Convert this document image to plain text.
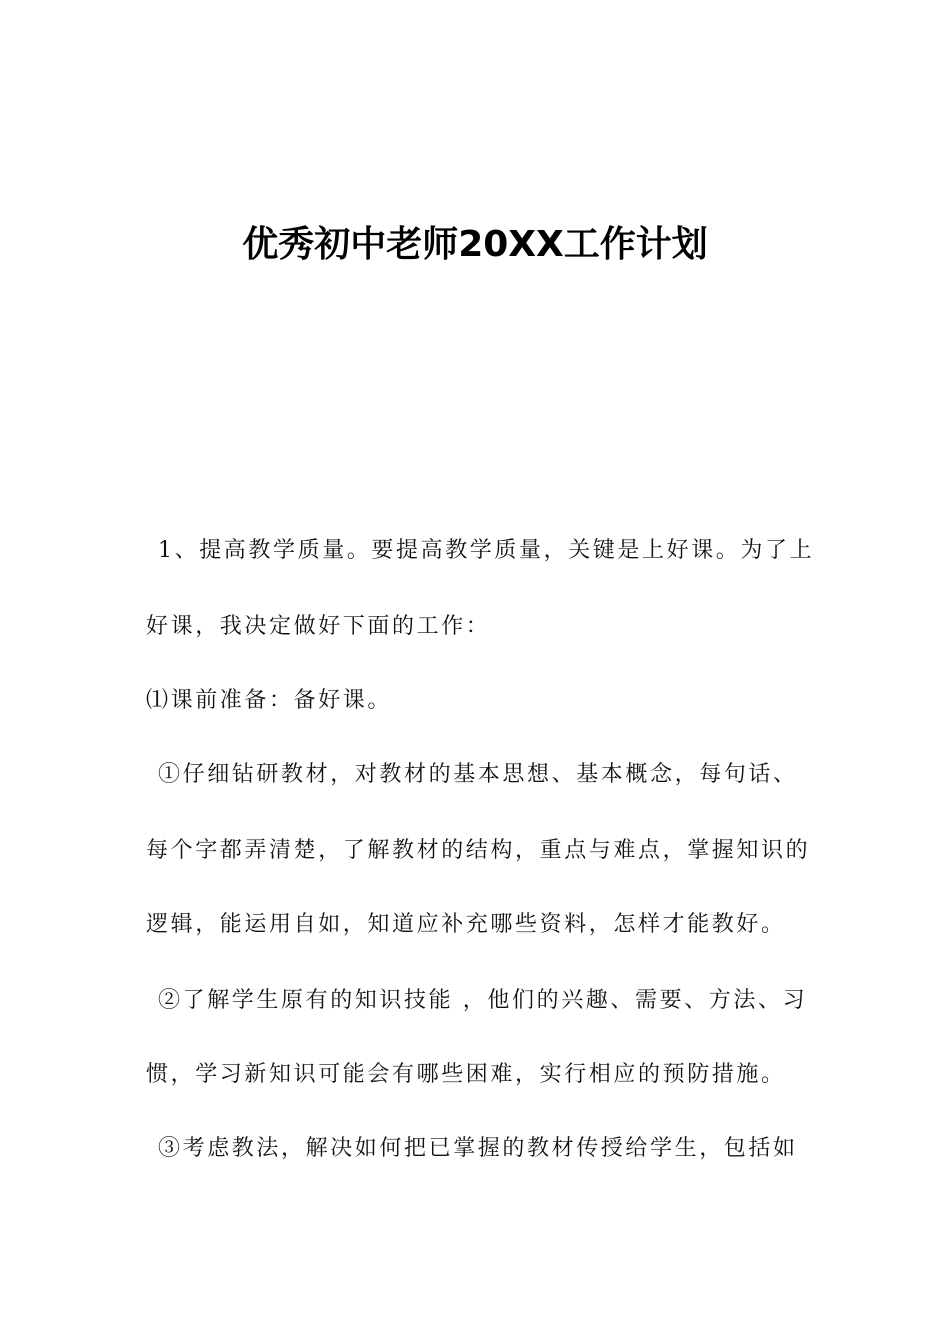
优秀初中老师20XX工作计划
1、提高教学质量。要提高教学质量，关键是上好课。为了上
好课，我决定做好下面的工作：
⑴课前准备：备好课。
①仔细钻研教材，对教材的基本思想、基本概念，每句话、
每个字都弄清楚，了解教材的结构，重点与难点，掌握知识的
逻辑，能运用自如，知道应补充哪些资料，怎样才能教好。
②了解学生原有的知识技能 ，他们的兴趣、需要、方法、习
惯，学习新知识可能会有哪些困难，实行相应的预防措施。
③考虑教法，解决如何把已掌握的教材传授给学生，包括如
